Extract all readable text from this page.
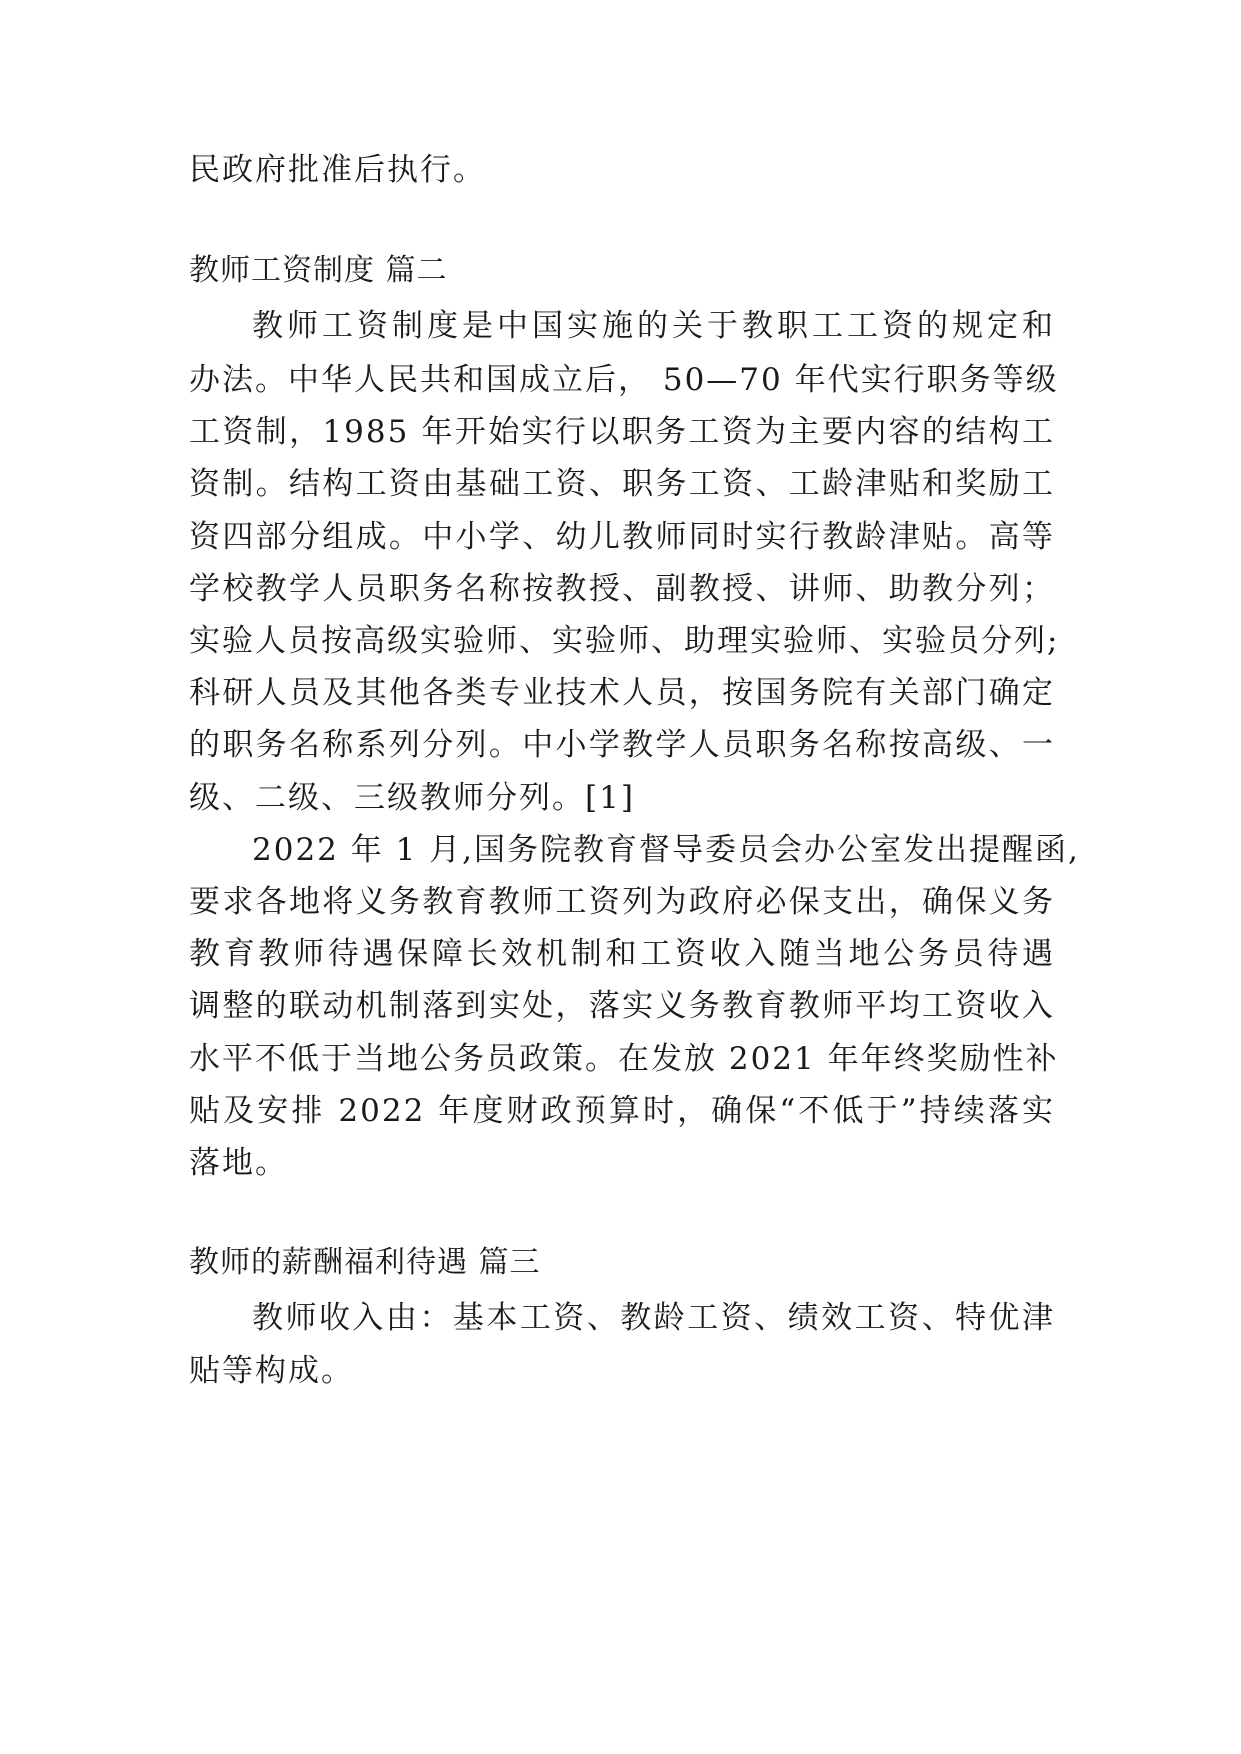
民政府批准后执行。
教师工资制度 篇二
教师工资制度是中国实施的关于教职工工资的规定和
办法。中华人民共和国成立后， 50—70 年代实行职务等级
工资制，1985 年开始实行以职务工资为主要内容的结构工
资制。结构工资由基础工资、职务工资、工龄津贴和奖励工
资四部分组成。中小学、幼儿教师同时实行教龄津贴。高等
学校教学人员职务名称按教授、副教授、讲师、助教分列；
实验人员按高级实验师、实验师、助理实验师、实验员分列;
科研人员及其他各类专业技术人员，按国务院有关部门确定
的职务名称系列分列。中小学教学人员职务名称按高级、一
级、二级、三级教师分列。[1]
2022 年 1 月,国务院教育督导委员会办公室发出提醒函,
要求各地将义务教育教师工资列为政府必保支出，确保义务
教育教师待遇保障长效机制和工资收入随当地公务员待遇
调整的联动机制落到实处，落实义务教育教师平均工资收入
水平不低于当地公务员政策。在发放 2021 年年终奖励性补
贴及安排 2022 年度财政预算时，确保“不低于”持续落实
落地。
教师的薪酬福利待遇 篇三
教师收入由：基本工资、教龄工资、绩效工资、特优津
贴等构成。
